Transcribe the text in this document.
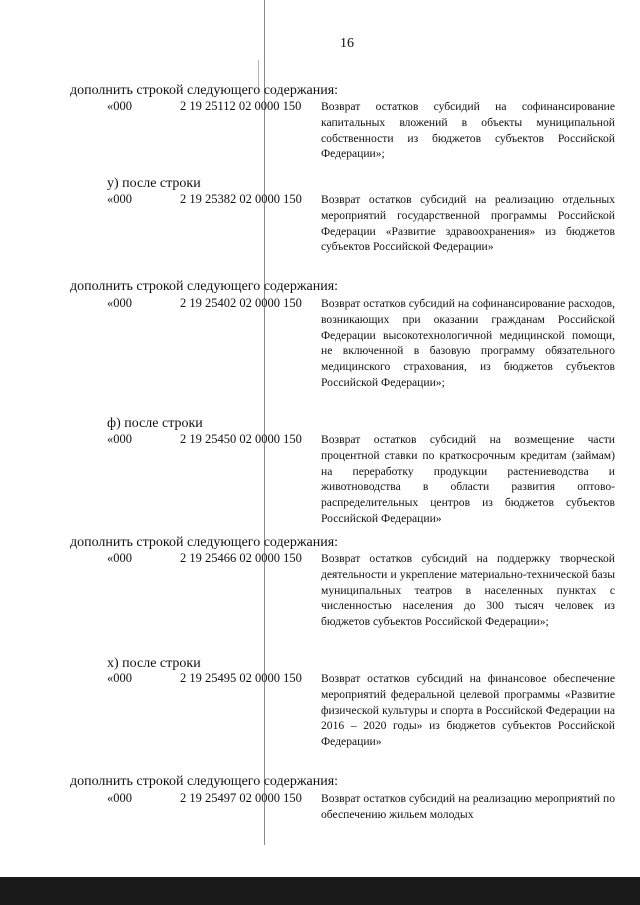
16
дополнить строкой следующего содержания:
«000	2 19 25112 02 0000 150 Возврат остатков субсидий на софинансирование капитальных вложений в объекты муниципальной собственности из бюджетов субъектов Российской Федерации»;
у) после строки
«000	2 19 25382 02 0000 150 Возврат остатков субсидий на реализацию отдельных мероприятий государственной программы Российской Федерации «Развитие здравоохранения» из бюджетов субъектов Российской Федерации»
дополнить строкой следующего содержания:
«000	2 19 25402 02 0000 150 Возврат остатков субсидий на софинансирование расходов, возникающих при оказании гражданам Российской Федерации высокотехнологичной медицинской помощи, не включенной в базовую программу обязательного медицинского страхования, из бюджетов субъектов Российской Федерации»;
ф) после строки
«000	2 19 25450 02 0000 150 Возврат остатков субсидий на возмещение части процентной ставки по краткосрочным кредитам (займам) на переработку продукции растениеводства и животноводства в области развития оптово-распределительных центров из бюджетов субъектов Российской Федерации»
дополнить строкой следующего содержания:
«000	2 19 25466 02 0000 150 Возврат остатков субсидий на поддержку творческой деятельности и укрепление материально-технической базы муниципальных театров в населенных пунктах с численностью населения до 300 тысяч человек из бюджетов субъектов Российской Федерации»;
х) после строки
«000	2 19 25495 02 0000 150 Возврат остатков субсидий на финансовое обеспечение мероприятий федеральной целевой программы «Развитие физической культуры и спорта в Российской Федерации на 2016 – 2020 годы» из бюджетов субъектов Российской Федерации»
дополнить строкой следующего содержания:
«000	2 19 25497 02 0000 150 Возврат остатков субсидий на реализацию мероприятий по обеспечению жильем молодых
